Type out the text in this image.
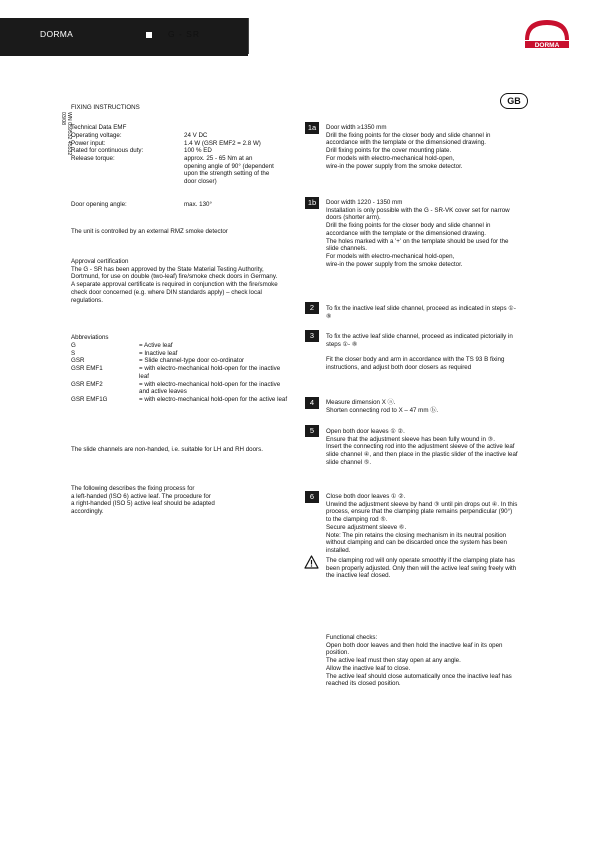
DORMA	G - SR
DORMA
WN 059532 45532
03/08
GB
FIXING INSTRUCTIONS
Technical Data EMF
Operating voltage:	24 V DC
Power input:	1.4 W (GSR EMF2 = 2.8 W)
Rated for continuous duty:	100 % ED
Release torque:	approx. 25 - 65 Nm at an opening angle of 90° (dependent upon the strength setting of the door closer)
Door opening angle:	max. 130°
The unit is controlled by an external RMZ smoke detector
Approval certification
The G - SR has been approved by the State Material Testing Authority, Dortmund, for use on double (two-leaf) fire/smoke check doors in Germany.
A separate approval certificate is required in conjunction with the fire/smoke check door concerned (e.g. where DIN standards apply) – check local regulations.
Abbreviations
G	= Active leaf
S	= Inactive leaf
GSR	= Slide channel-type door co-ordinator
GSR EMF1	= with electro-mechanical hold-open for the inactive leaf
GSR EMF2	= with electro-mechanical hold-open for the inactive and active leaves
GSR EMF1G	= with electro-mechanical hold-open for the active leaf
The slide channels are non-handed, i.e. suitable for LH and RH doors.
The following describes the fixing process for
a left-handed (ISO 6) active leaf. The procedure for
a right-handed (ISO 5) active leaf should be adapted
accordingly.
1a	Door width ≥1350 mm
Drill the fixing points for the closer body and slide channel in accordance with the template or the dimensioned drawing.
Drill fixing points for the cover mounting plate.
For models with electro-mechanical hold-open,
wire-in the power supply from the smoke detector.
1b	Door width 1220 - 1350 mm
Installation is only possible with the G - SR-VK cover set for narrow doors (shorter arm).
Drill the fixing points for the closer body and slide channel in accordance with the template or the dimensioned drawing.
The holes marked with a '+' on the template should be used for the slide channels.
For models with electro-mechanical hold-open,
wire-in the power supply from the smoke detector.
2	To fix the inactive leaf slide channel, proceed as indicated in steps ①- ⑧
3	To fix the active leaf slide channel, proceed as indicated pictorially in steps ①- ⑧

Fit the closer body and arm in accordance with the TS 93 B fixing instructions, and adjust both door closers as required
4	Measure dimension X ⓐ.
Shorten connecting rod to X – 47 mm ⓑ.
5	Open both door leaves ① ②.
Ensure that the adjustment sleeve has been fully wound in ③.
Insert the connecting rod into the adjustment sleeve of the active leaf slide channel ④, and then place in the plastic slider of the inactive leaf slide channel ⑤.
6	Close both door leaves ① ②.
Unwind the adjustment sleeve by hand ③ until pin drops out ④. In this process, ensure that the clamping plate remains perpendicular (90°) to the clamping rod ⑤.
Secure adjustment sleeve ⑥.
Note: The pin retains the closing mechanism in its neutral position without clamping and can be discarded once the system has been installed.
The clamping rod will only operate smoothly if the clamping plate has been properly adjusted. Only then will the active leaf swing freely with the inactive leaf closed.
Functional checks:
Open both door leaves and then hold the inactive leaf in its open position.
The active leaf must then stay open at any angle.
Allow the inactive leaf to close.
The active leaf should close automatically once the inactive leaf has reached its closed position.
